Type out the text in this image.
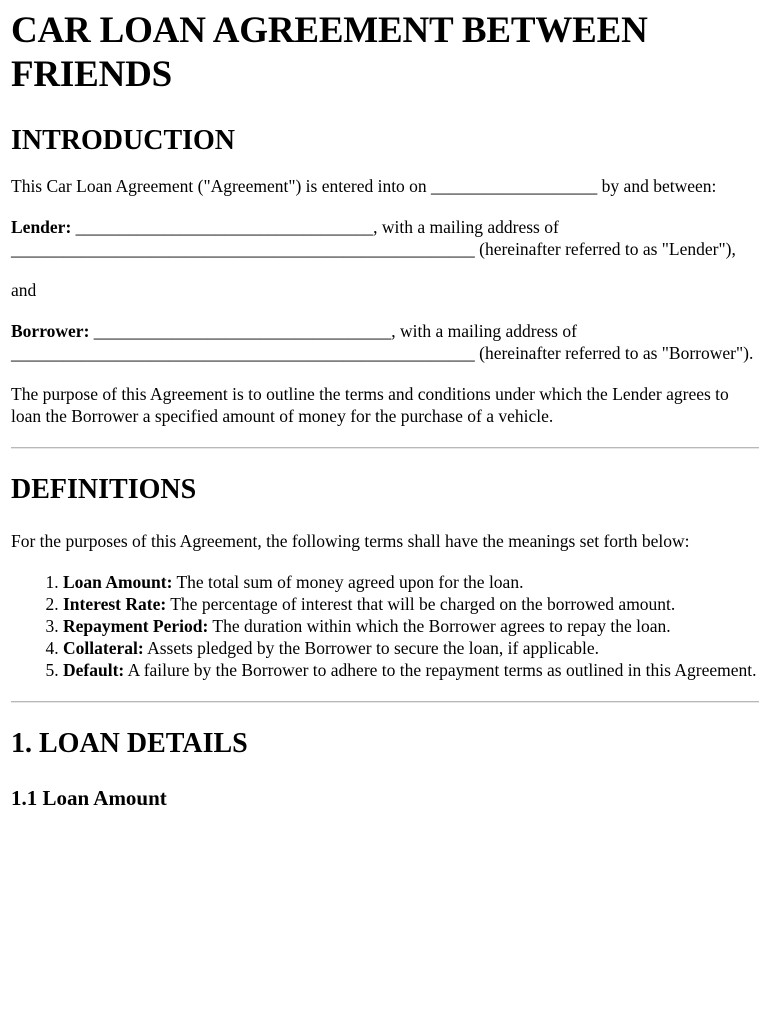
CAR LOAN AGREEMENT BETWEEN FRIENDS
INTRODUCTION

This Car Loan Agreement ("Agreement") is entered into on ___________________ by and between:

Lender: __________________________________, with a mailing address of _____________________________________________________ (hereinafter referred to as "Lender"),

and

Borrower: __________________________________, with a mailing address of _____________________________________________________ (hereinafter referred to as "Borrower").

The purpose of this Agreement is to outline the terms and conditions under which the Lender agrees to loan the Borrower a specified amount of money for the purchase of a vehicle.

DEFINITIONS

For the purposes of this Agreement, the following terms shall have the meanings set forth below:

1. Loan Amount: The total sum of money agreed upon for the loan.
2. Interest Rate: The percentage of interest that will be charged on the borrowed amount.
3. Repayment Period: The duration within which the Borrower agrees to repay the loan.
4. Collateral: Assets pledged by the Borrower to secure the loan, if applicable.
5. Default: A failure by the Borrower to adhere to the repayment terms as outlined in this Agreement.
1. LOAN DETAILS
1.1 Loan Amount
